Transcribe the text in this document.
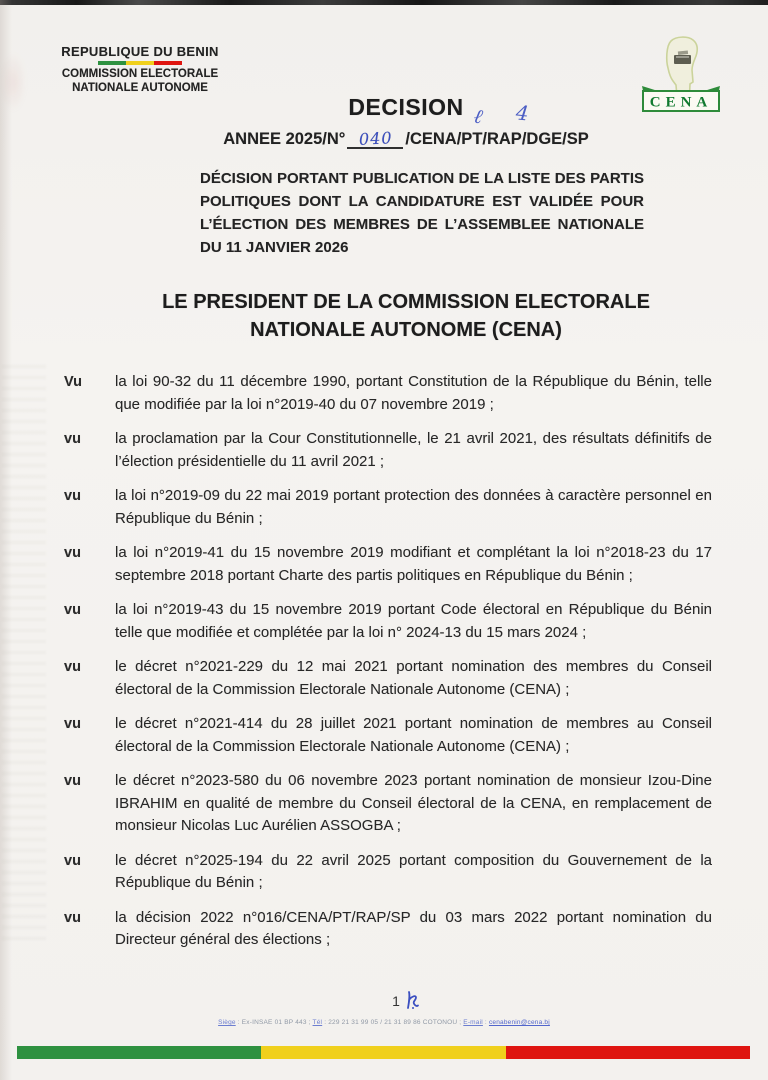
REPUBLIQUE DU BENIN
COMMISSION ELECTORALE
NATIONALE AUTONOME
CENA
DECISION
ANNEE 2025/N° 040 /CENA/PT/RAP/DGE/SP
ℓ 4
DÉCISION PORTANT PUBLICATION DE LA LISTE DES PARTIS POLITIQUES DONT LA CANDIDATURE EST VALIDÉE POUR L’ÉLECTION DES MEMBRES DE L’ASSEMBLEE NATIONALE DU 11 JANVIER 2026
LE PRESIDENT DE LA COMMISSION ELECTORALE
NATIONALE AUTONOME (CENA)
Vu	la loi 90-32 du 11 décembre 1990, portant Constitution de la République du Bénin, telle que modifiée par la loi n°2019-40 du 07 novembre 2019 ;
vu	la proclamation par la Cour Constitutionnelle, le 21 avril 2021, des résultats définitifs de l’élection présidentielle du 11 avril 2021 ;
vu	la loi n°2019-09 du 22 mai 2019 portant protection des données à caractère personnel en République du Bénin ;
vu	la loi n°2019-41 du 15 novembre 2019 modifiant et complétant la loi n°2018-23 du 17 septembre 2018 portant Charte des partis politiques en République du Bénin ;
vu	la loi n°2019-43 du 15 novembre 2019 portant Code électoral en République du Bénin telle que modifiée et complétée par la loi n° 2024-13 du 15 mars 2024 ;
vu	le décret n°2021-229 du 12 mai 2021 portant nomination des membres du Conseil électoral de la Commission Electorale Nationale Autonome (CENA) ;
vu	le décret n°2021-414 du 28 juillet 2021 portant nomination de membres au Conseil électoral de la Commission Electorale Nationale Autonome (CENA) ;
vu	le décret n°2023-580 du 06 novembre 2023 portant nomination de monsieur Izou-Dine IBRAHIM en qualité de membre du Conseil électoral de la CENA, en remplacement de monsieur Nicolas Luc Aurélien ASSOGBA ;
vu	le décret n°2025-194 du 22 avril 2025 portant composition du Gouvernement de la République du Bénin ;
vu	la décision 2022 n°016/CENA/PT/RAP/SP du 03 mars 2022 portant nomination du Directeur général des élections ;
1
Siège : Ex-INSAE 01 BP 443 ; Tél : 229 21 31 99 05 / 21 31 89 86 COTONOU ; E-mail : cenabenin@cena.bj
